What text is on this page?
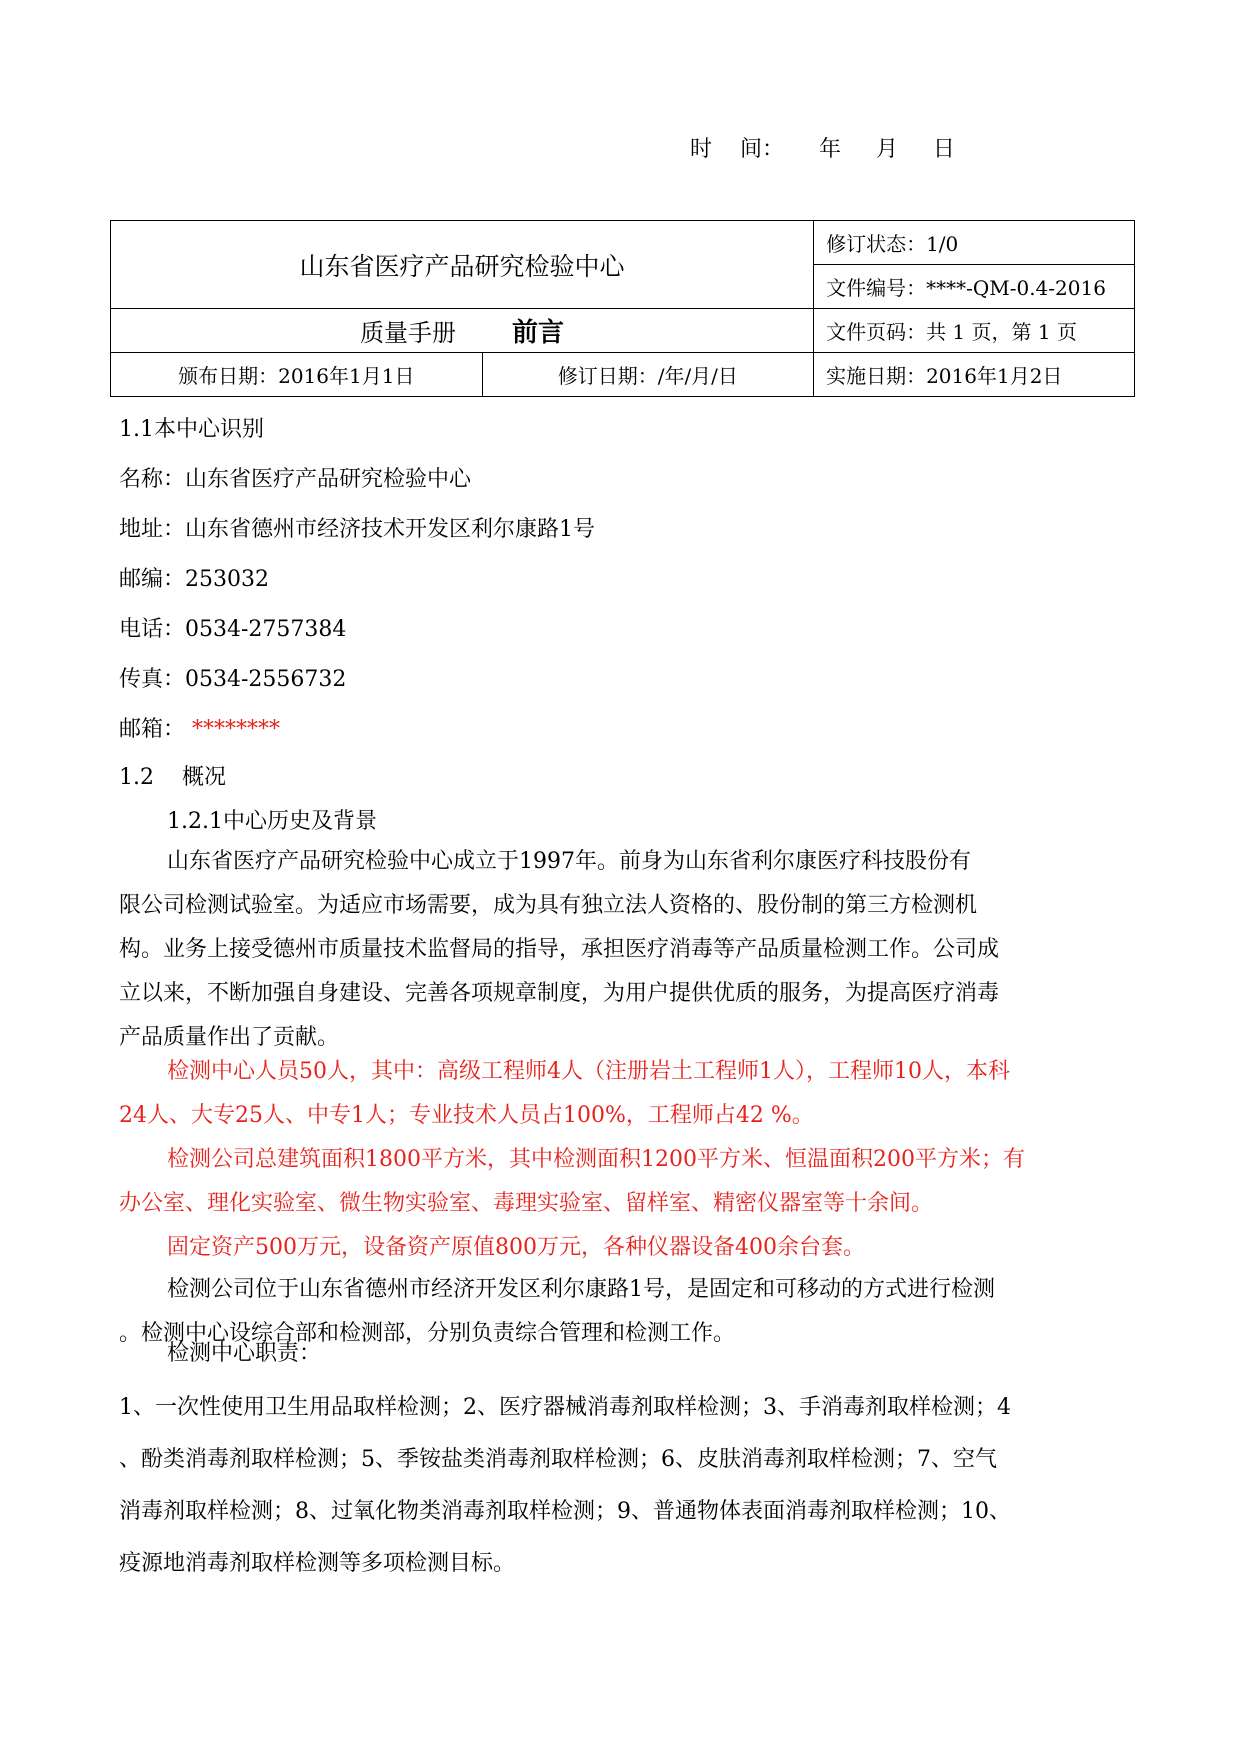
时    间： 年 月 日
山东省医疗产品研究检验中心		修订状态：1/0
		文件编号：****-QM-0.4-2016
质量手册 前言		文件页码：共 1 页，第 1 页
颁布日期：2016年1月1日	修订日期：/年/月/日	实施日期：2016年1月2日
1.1本中心识别
名称：山东省医疗产品研究检验中心
地址：山东省德州市经济技术开发区利尔康路1号
邮编：253032
电话：0534-2757384
传真：0534-2556732
邮箱： ********
1.2    概况
1.2.1中心历史及背景

山东省医疗产品研究检验中心成立于1997年。前身为山东省利尔康医疗科技股份有

限公司检测试验室。为适应市场需要，成为具有独立法人资格的、股份制的第三方检测机

构。业务上接受德州市质量技术监督局的指导，承担医疗消毒等产品质量检测工作。公司成

立以来，不断加强自身建设、完善各项规章制度，为用户提供优质的服务，为提高医疗消毒

产品质量作出了贡献。

检测中心人员50人，其中：高级工程师4人（注册岩土工程师1人），工程师10人，本科

24人、大专25人、中专1人；专业技术人员占100%，工程师占42 %。

检测公司总建筑面积1800平方米，其中检测面积1200平方米、恒温面积200平方米；有

办公室、理化实验室、微生物实验室、毒理实验室、留样室、精密仪器室等十余间。

固定资产500万元，设备资产原值800万元，各种仪器设备400余台套。

检测公司位于山东省德州市经济开发区利尔康路1号，是固定和可移动的方式进行检测

。检测中心设综合部和检测部，分别负责综合管理和检测工作。

检测中心职责：

1、一次性使用卫生用品取样检测；2、医疗器械消毒剂取样检测；3、手消毒剂取样检测；4

、酚类消毒剂取样检测；5、季铵盐类消毒剂取样检测；6、皮肤消毒剂取样检测；7、空气

消毒剂取样检测；8、过氧化物类消毒剂取样检测；9、普通物体表面消毒剂取样检测；10、

疫源地消毒剂取样检测等多项检测目标。
